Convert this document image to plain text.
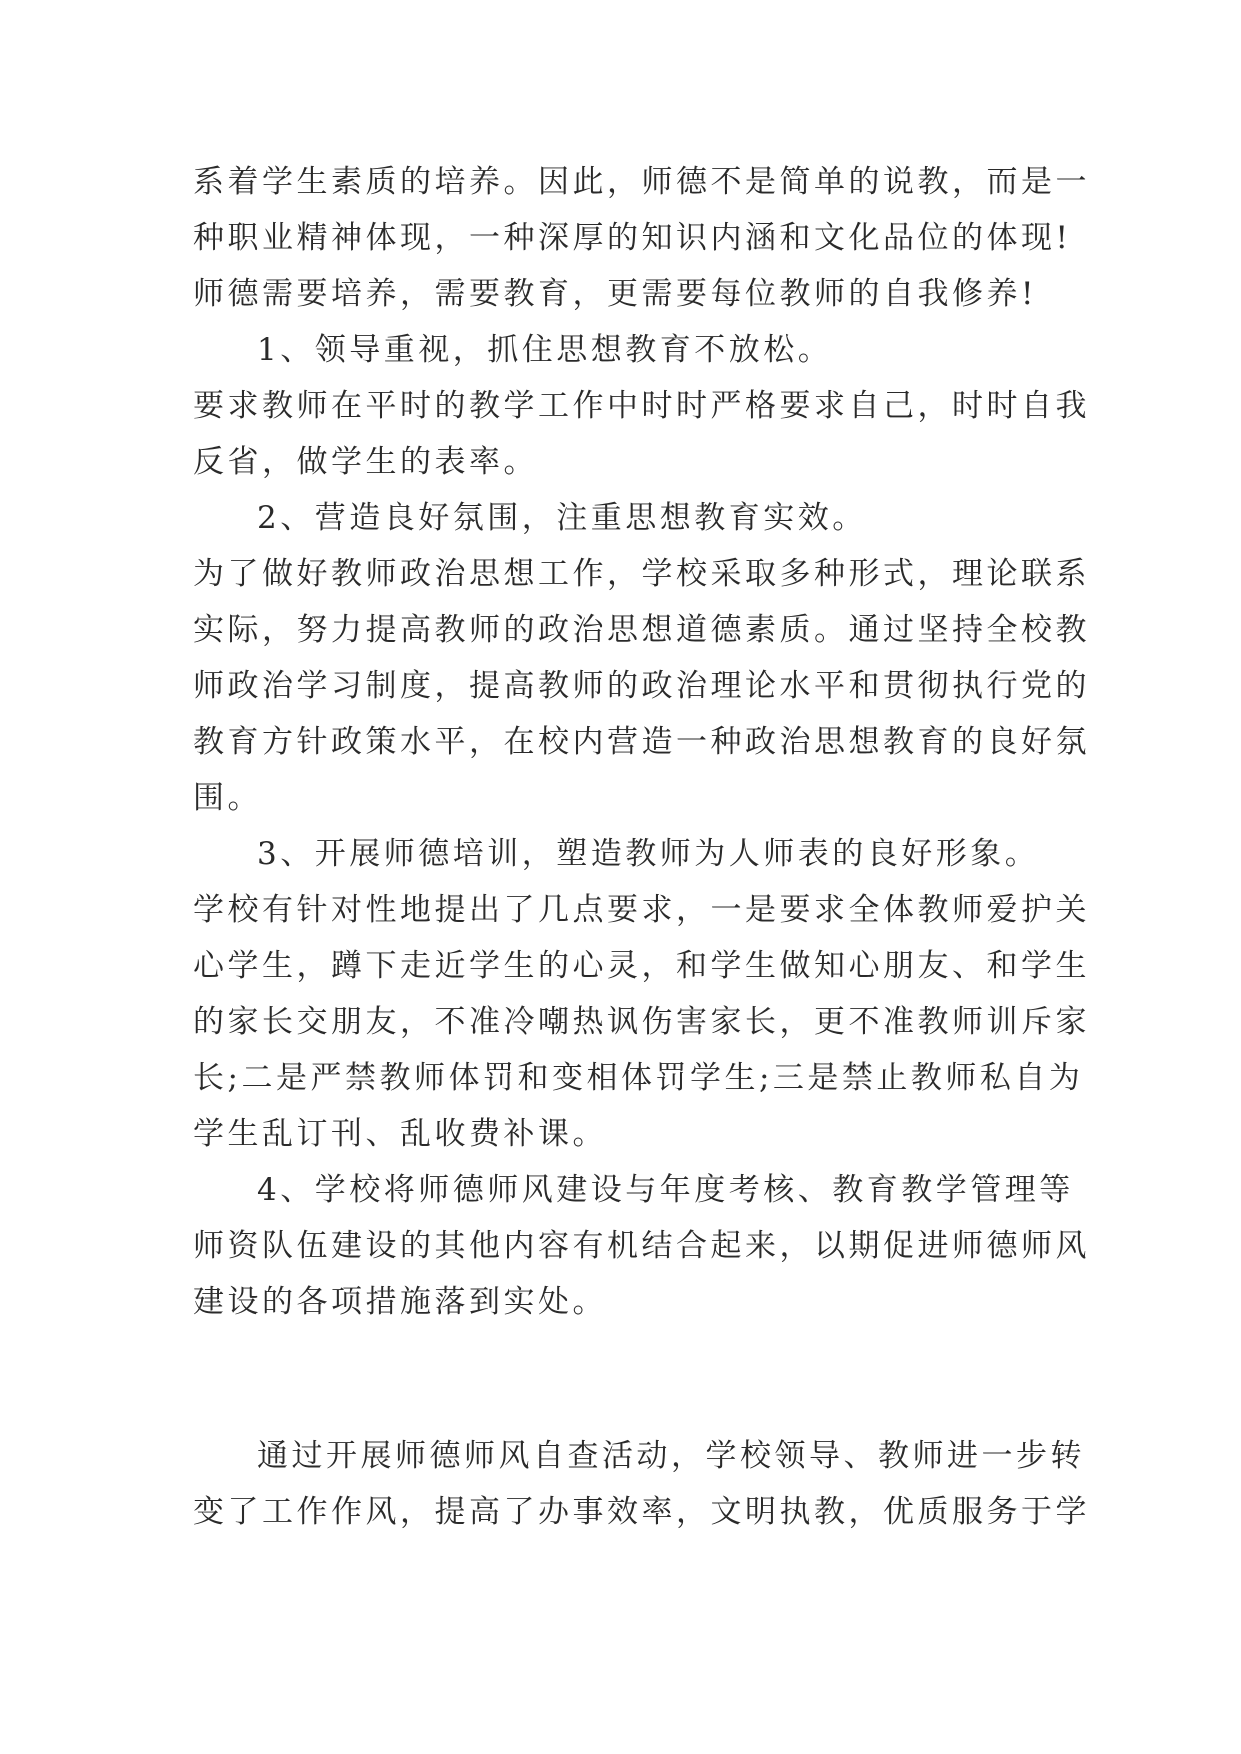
系着学生素质的培养。因此，师德不是简单的说教，而是一
种职业精神体现，一种深厚的知识内涵和文化品位的体现!
师德需要培养，需要教育，更需要每位教师的自我修养!
1、领导重视，抓住思想教育不放松。
要求教师在平时的教学工作中时时严格要求自己，时时自我
反省，做学生的表率。
2、营造良好氛围，注重思想教育实效。
为了做好教师政治思想工作，学校采取多种形式，理论联系
实际，努力提高教师的政治思想道德素质。通过坚持全校教
师政治学习制度，提高教师的政治理论水平和贯彻执行党的
教育方针政策水平，在校内营造一种政治思想教育的良好氛
围。
3、开展师德培训，塑造教师为人师表的良好形象。
学校有针对性地提出了几点要求，一是要求全体教师爱护关
心学生，蹲下走近学生的心灵，和学生做知心朋友、和学生
的家长交朋友，不准冷嘲热讽伤害家长，更不准教师训斥家
长;二是严禁教师体罚和变相体罚学生;三是禁止教师私自为
学生乱订刊、乱收费补课。
4、学校将师德师风建设与年度考核、教育教学管理等
师资队伍建设的其他内容有机结合起来，以期促进师德师风
建设的各项措施落到实处。
通过开展师德师风自查活动，学校领导、教师进一步转
变了工作作风，提高了办事效率，文明执教，优质服务于学
